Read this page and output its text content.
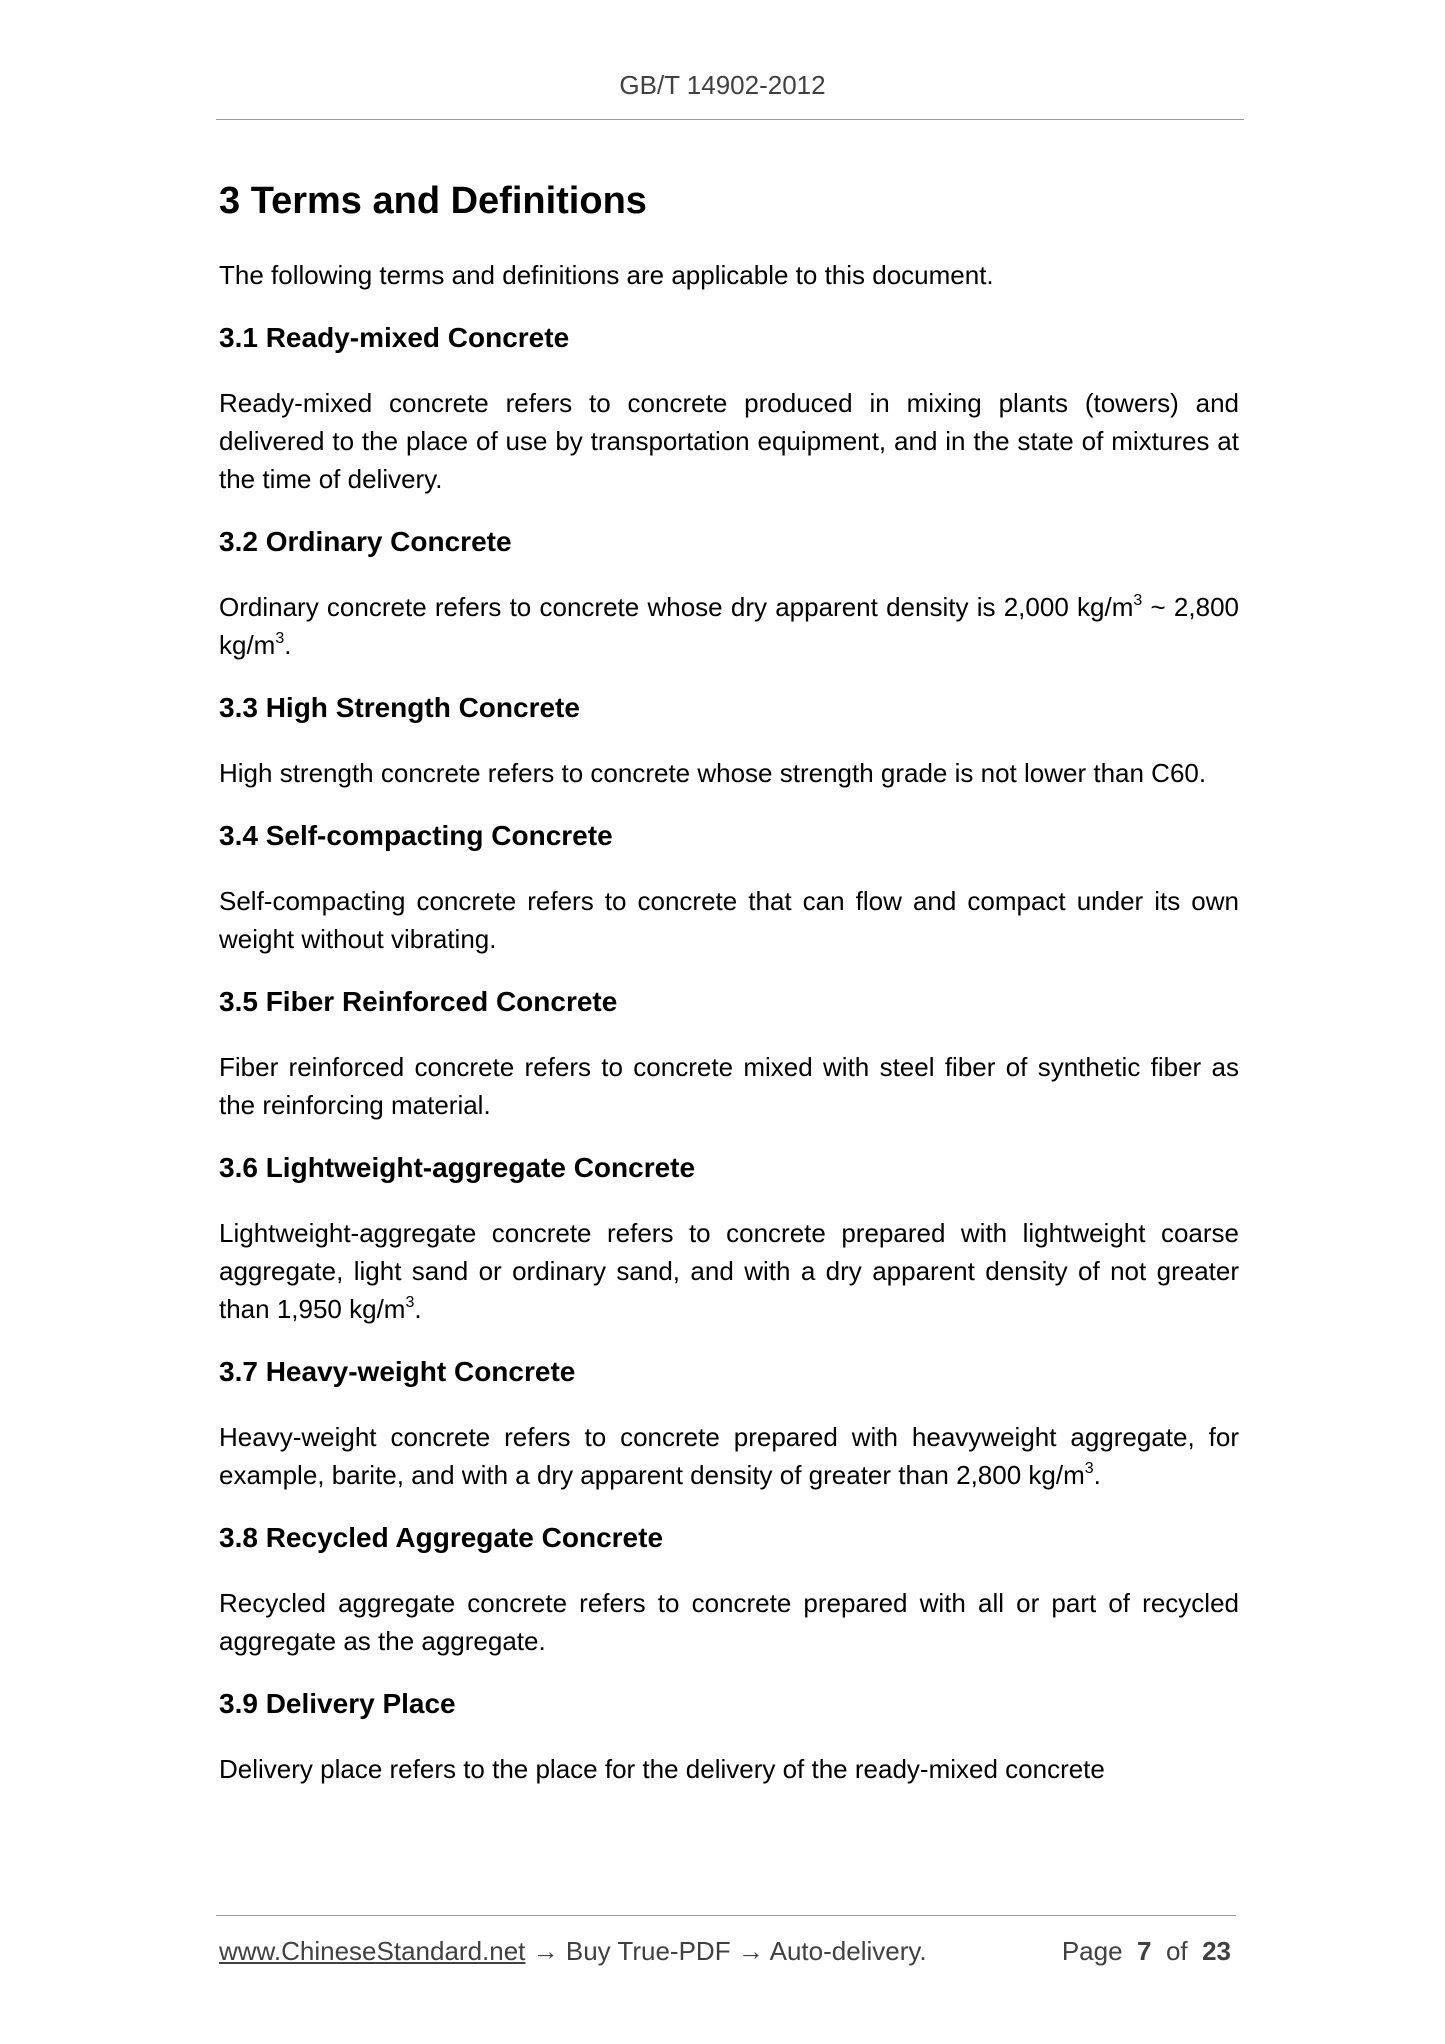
GB/T 14902-2012
3 Terms and Definitions
The following terms and definitions are applicable to this document.
3.1 Ready-mixed Concrete
Ready-mixed concrete refers to concrete produced in mixing plants (towers) and delivered to the place of use by transportation equipment, and in the state of mixtures at the time of delivery.
3.2 Ordinary Concrete
Ordinary concrete refers to concrete whose dry apparent density is 2,000 $kg/m^3$ ~ 2,800 $kg/m^3$.
3.3 High Strength Concrete
High strength concrete refers to concrete whose strength grade is not lower than C60.
3.4 Self-compacting Concrete
Self-compacting concrete refers to concrete that can flow and compact under its own weight without vibrating.
3.5 Fiber Reinforced Concrete
Fiber reinforced concrete refers to concrete mixed with steel fiber of synthetic fiber as the reinforcing material.
3.6 Lightweight-aggregate Concrete
Lightweight-aggregate concrete refers to concrete prepared with lightweight coarse aggregate, light sand or ordinary sand, and with a dry apparent density of not greater than 1,950 $kg/m^3$.
3.7 Heavy-weight Concrete
Heavy-weight concrete refers to concrete prepared with heavyweight aggregate, for example, barite, and with a dry apparent density of greater than 2,800 $kg/m^3$.
3.8 Recycled Aggregate Concrete
Recycled aggregate concrete refers to concrete prepared with all or part of recycled aggregate as the aggregate.
3.9 Delivery Place
Delivery place refers to the place for the delivery of the ready-mixed concrete
www.ChineseStandard.net → Buy True-PDF → Auto-delivery.	Page 7 of 23
